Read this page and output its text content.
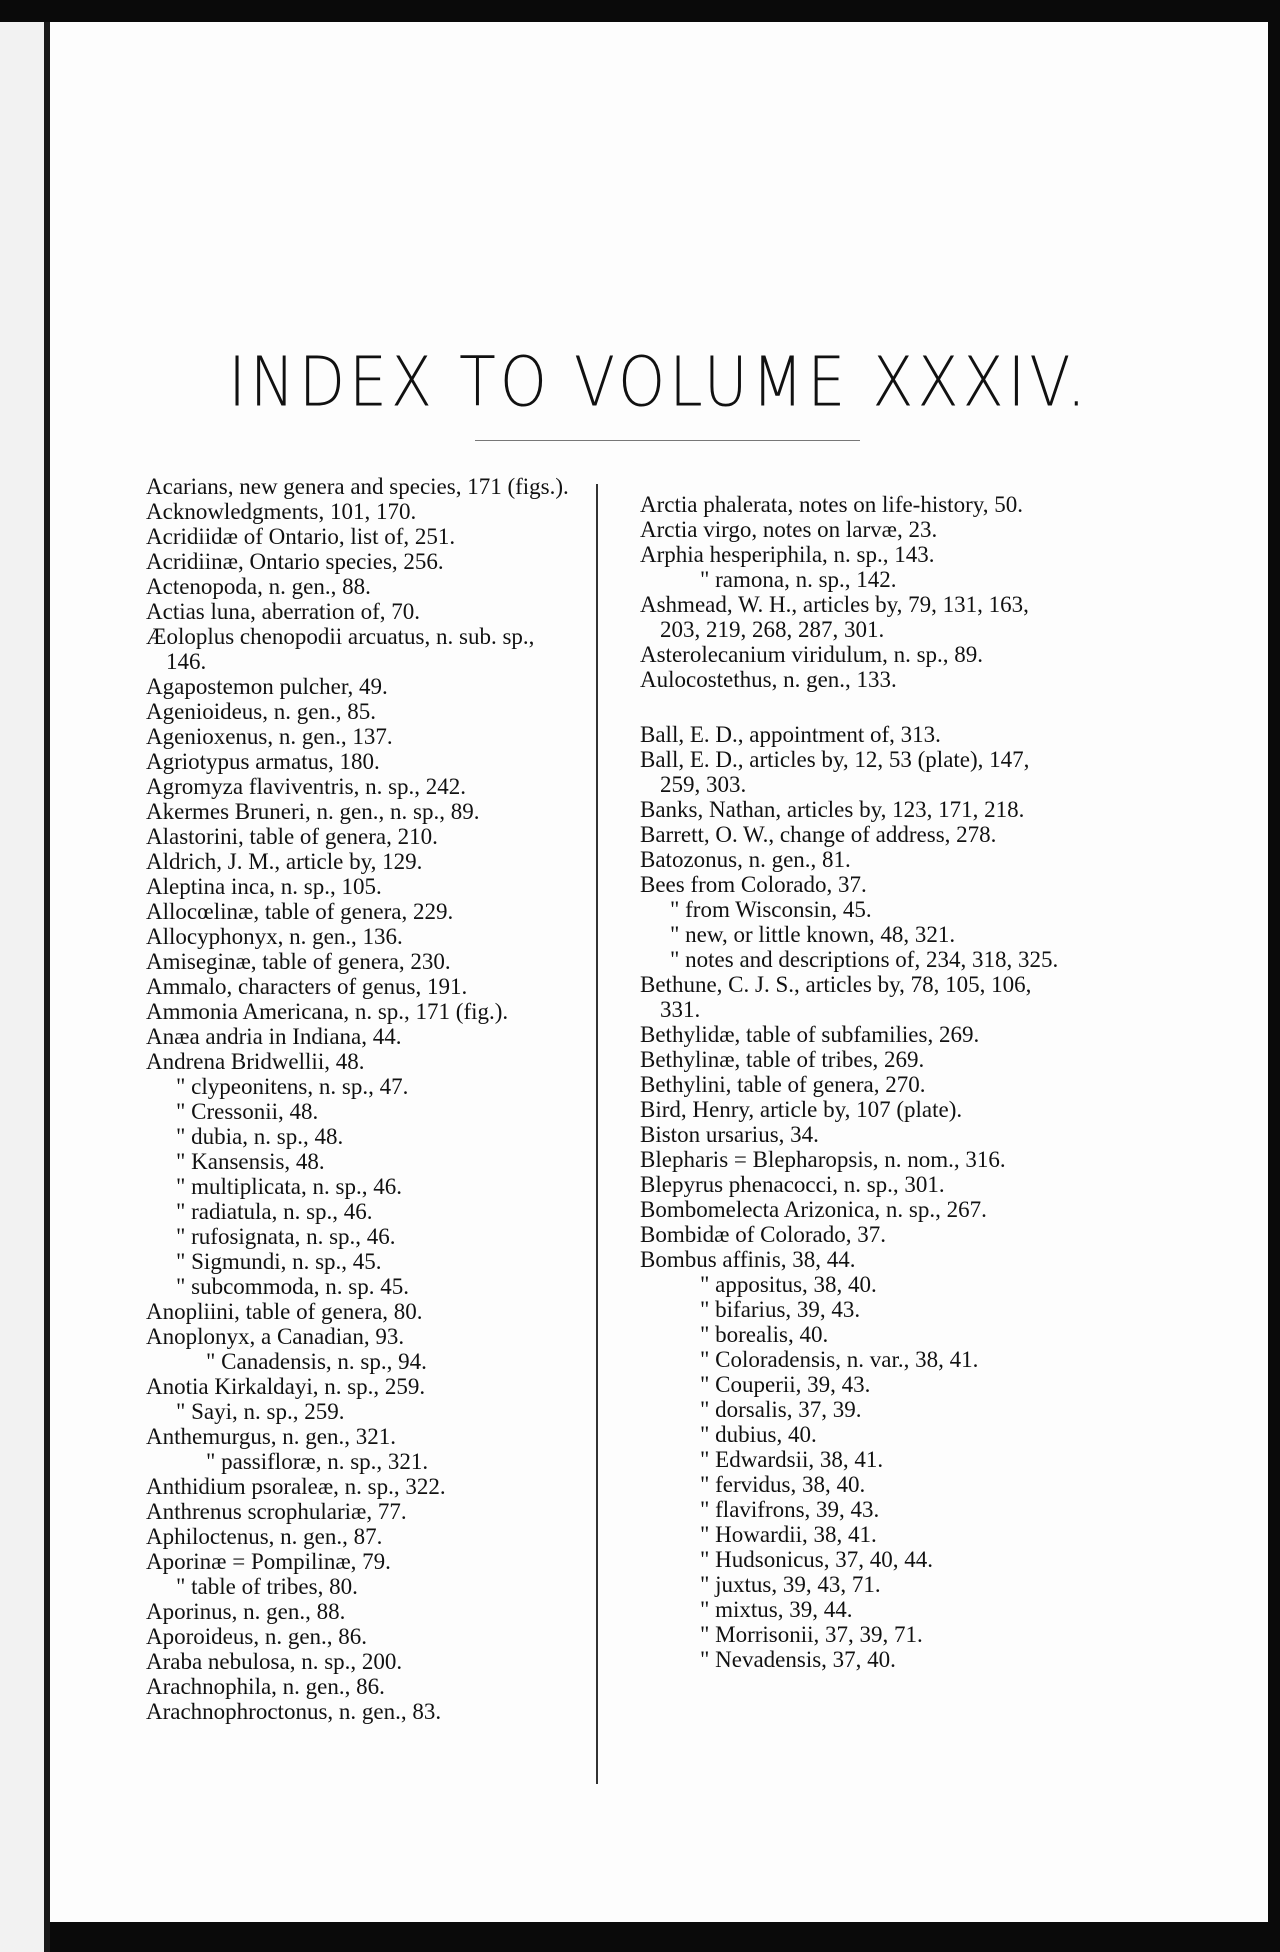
INDEX TO VOLUME XXXIV.
Acarians, new genera and species, 171 (figs.).
Acknowledgments, 101, 170.
Acridiidæ of Ontario, list of, 251.
Acridiinæ, Ontario species, 256.
Actenopoda, n. gen., 88.
Actias luna, aberration of, 70.
Æoloplus chenopodii arcuatus, n. sub. sp., 146.
Agapostemon pulcher, 49.
Agenioideus, n. gen., 85.
Agenioxenus, n. gen., 137.
Agriotypus armatus, 180.
Agromyza flaviventris, n. sp., 242.
Akermes Bruneri, n. gen., n. sp., 89.
Alastorini, table of genera, 210.
Aldrich, J. M., article by, 129.
Aleptina inca, n. sp., 105.
Allocœlinæ, table of genera, 229.
Allocyphonyx, n. gen., 136.
Amiseginæ, table of genera, 230.
Ammalo, characters of genus, 191.
Ammonia Americana, n. sp., 171 (fig.).
Anæa andria in Indiana, 44.
Andrena Bridwellii, 48.
" clypeonitens, n. sp., 47.
" Cressonii, 48.
" dubia, n. sp., 48.
" Kansensis, 48.
" multiplicata, n. sp., 46.
" radiatula, n. sp., 46.
" rufosignata, n. sp., 46.
" Sigmundi, n. sp., 45.
" subcommoda, n. sp. 45.
Anopliini, table of genera, 80.
Anoplonyx, a Canadian, 93.
" Canadensis, n. sp., 94.
Anotia Kirkaldayi, n. sp., 259.
" Sayi, n. sp., 259.
Anthemurgus, n. gen., 321.
" passifloræ, n. sp., 321.
Anthidium psoraleæ, n. sp., 322.
Anthrenus scrophulariæ, 77.
Aphiloctenus, n. gen., 87.
Aporinæ = Pompilinæ, 79.
" table of tribes, 80.
Aporinus, n. gen., 88.
Aporoideus, n. gen., 86.
Araba nebulosa, n. sp., 200.
Arachnophila, n. gen., 86.
Arachnophroctonus, n. gen., 83.
Arctia phalerata, notes on life-history, 50.
Arctia virgo, notes on larvæ, 23.
Arphia hesperiphila, n. sp., 143.
" ramona, n. sp., 142.
Ashmead, W. H., articles by, 79, 131, 163, 203, 219, 268, 287, 301.
Asterolecanium viridulum, n. sp., 89.
Aulocostethus, n. gen., 133.
Ball, E. D., appointment of, 313.
Ball, E. D., articles by, 12, 53 (plate), 147, 259, 303.
Banks, Nathan, articles by, 123, 171, 218.
Barrett, O. W., change of address, 278.
Batozonus, n. gen., 81.
Bees from Colorado, 37.
" from Wisconsin, 45.
" new, or little known, 48, 321.
" notes and descriptions of, 234, 318, 325.
Bethune, C. J. S., articles by, 78, 105, 106, 331.
Bethylidæ, table of subfamilies, 269.
Bethylinæ, table of tribes, 269.
Bethylini, table of genera, 270.
Bird, Henry, article by, 107 (plate).
Biston ursarius, 34.
Blepharis = Blepharopsis, n. nom., 316.
Blepyrus phenacocci, n. sp., 301.
Bombomelecta Arizonica, n. sp., 267.
Bombidæ of Colorado, 37.
Bombus affinis, 38, 44.
" appositus, 38, 40.
" bifarius, 39, 43.
" borealis, 40.
" Coloradensis, n. var., 38, 41.
" Couperii, 39, 43.
" dorsalis, 37, 39.
" dubius, 40.
" Edwardsii, 38, 41.
" fervidus, 38, 40.
" flavifrons, 39, 43.
" Howardii, 38, 41.
" Hudsonicus, 37, 40, 44.
" juxtus, 39, 43, 71.
" mixtus, 39, 44.
" Morrisonii, 37, 39, 71.
" Nevadensis, 37, 40.
